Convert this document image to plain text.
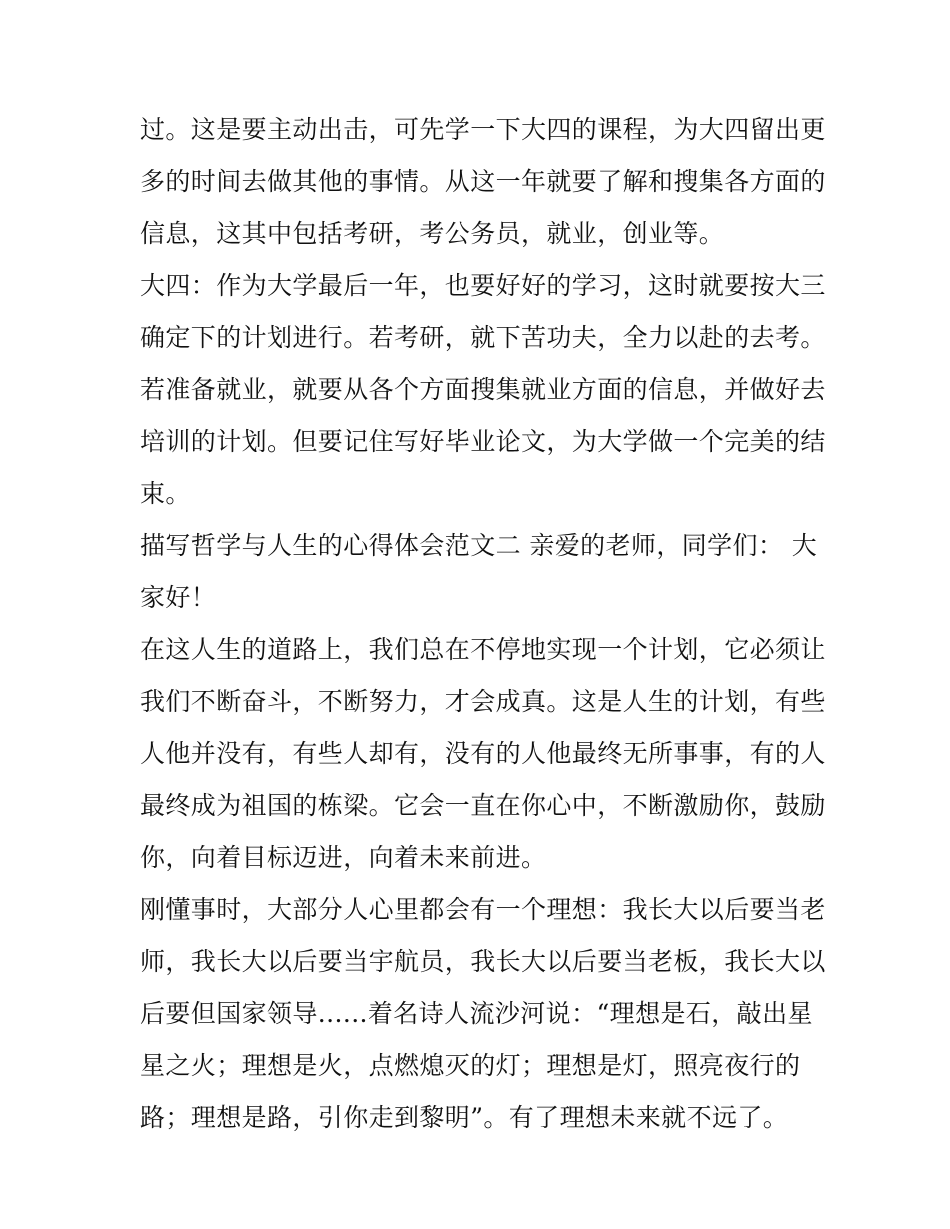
过。这是要主动出击，可先学一下大四的课程，为大四留出更
多的时间去做其他的事情。从这一年就要了解和搜集各方面的
信息，这其中包括考研，考公务员，就业，创业等。
大四：作为大学最后一年，也要好好的学习，这时就要按大三
确定下的计划进行。若考研，就下苦功夫，全力以赴的去考。
若准备就业，就要从各个方面搜集就业方面的信息，并做好去
培训的计划。但要记住写好毕业论文，为大学做一个完美的结
束。
描写哲学与人生的心得体会范文二 亲爱的老师，同学们： 大
家好！
在这人生的道路上，我们总在不停地实现一个计划，它必须让
我们不断奋斗，不断努力，才会成真。这是人生的计划，有些
人他并没有，有些人却有，没有的人他最终无所事事，有的人
最终成为祖国的栋梁。它会一直在你心中，不断激励你，鼓励
你，向着目标迈进，向着未来前进。
刚懂事时，大部分人心里都会有一个理想：我长大以后要当老
师，我长大以后要当宇航员，我长大以后要当老板，我长大以
后要但国家领导......着名诗人流沙河说：“理想是石，敲出星
星之火；理想是火，点燃熄灭的灯；理想是灯，照亮夜行的
路；理想是路，引你走到黎明”。有了理想未来就不远了。
